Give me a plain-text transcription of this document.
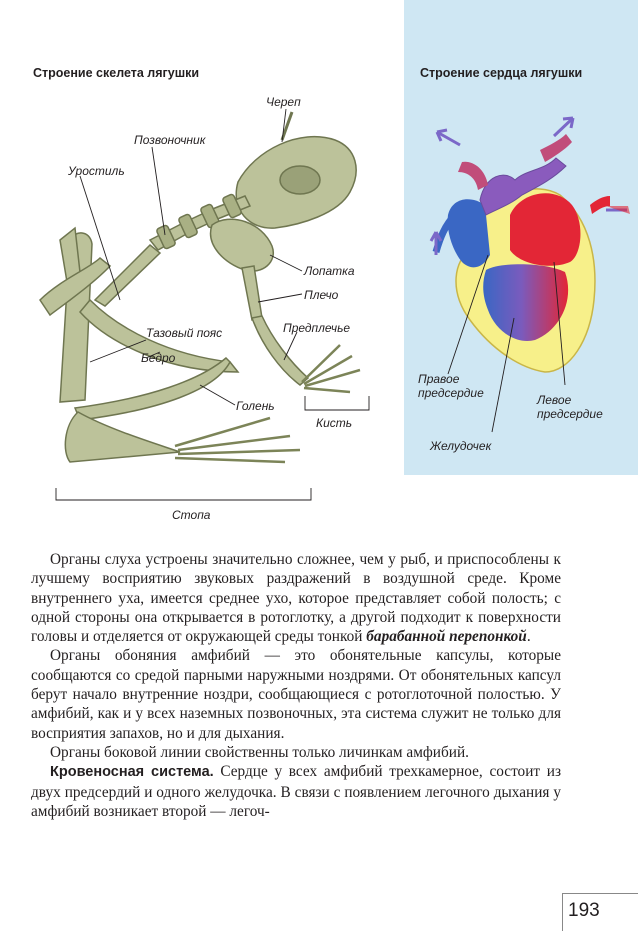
Строение скелета лягушки	Строение сердца лягушки
Череп
Позвоночник
Уростиль
Лопатка
Плечо
Тазовый пояс	Предплечье
Бедро
Голень
Кисть
Стопа
Правое
предсердие	Левое
предсердие
Желудочек

Органы слуха устроены значительно сложнее, чем у рыб, и приспособлены к лучшему восприятию звуковых раздражений в воздушной среде. Кроме внутреннего уха, имеется среднее ухо, которое представляет собой полость; с одной стороны она открывается в ротоглотку, а другой подходит к поверхности головы и отделяется от окружающей среды тонкой барабанной перепонкой.

Органы обоняния амфибий — это обонятельные капсулы, которые сообщаются со средой парными наружными ноздрями. От обонятельных капсул берут начало внутренние ноздри, сообщающиеся с ротоглоточной полостью. У амфибий, как и у всех наземных позвоночных, эта система служит не только для восприятия запахов, но и для дыхания.

Органы боковой линии свойственны только личинкам амфибий.

Кровеносная система. Сердце у всех амфибий трехкамерное, состоит из двух предсердий и одного желудочка. В связи с появлением легочного дыхания у амфибий возникает второй — легоч-

193
